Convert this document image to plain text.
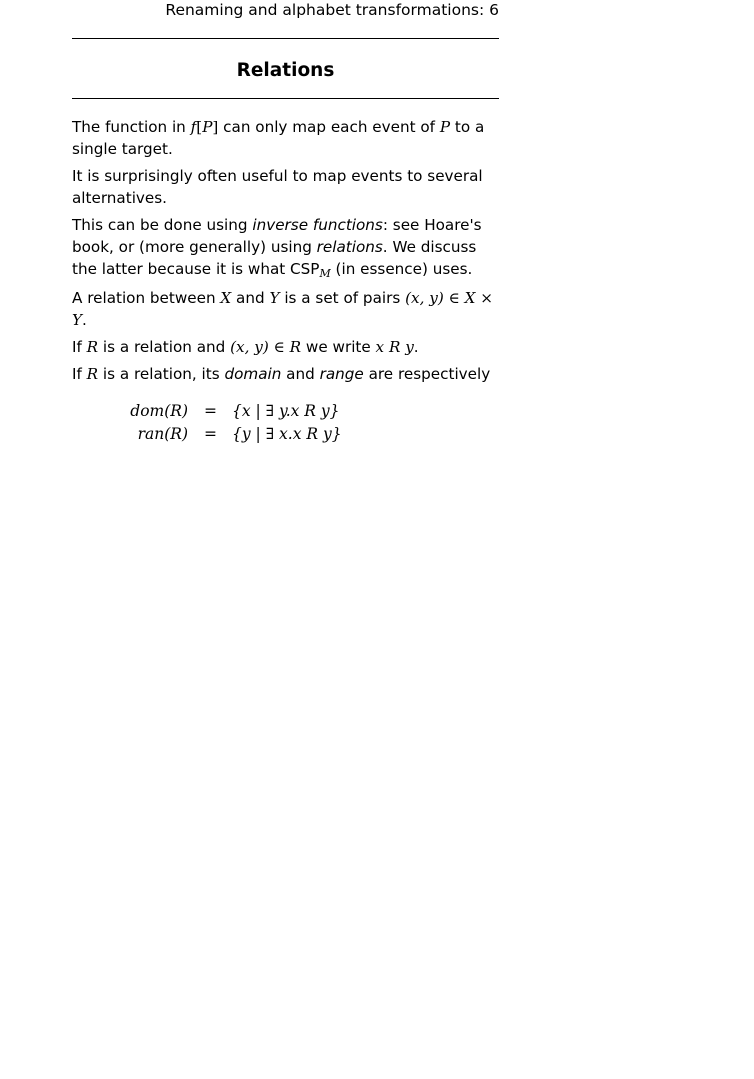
Renaming and alphabet transformations: 6
Relations

The function in f[P] can only map each event of P to a single target.

It is surprisingly often useful to map events to several alternatives.

This can be done using inverse functions: see Hoare's book, or (more generally) using relations. We discuss the latter because it is what CSPM (in essence) uses.

A relation between X and Y is a set of pairs (x, y) ∈ X × Y.

If R is a relation and (x, y) ∈ R we write x R y.

If R is a relation, its domain and range are respectively

dom(R) = {x | ∃ y.x R y}
ran(R) = {y | ∃ x.x R y}
